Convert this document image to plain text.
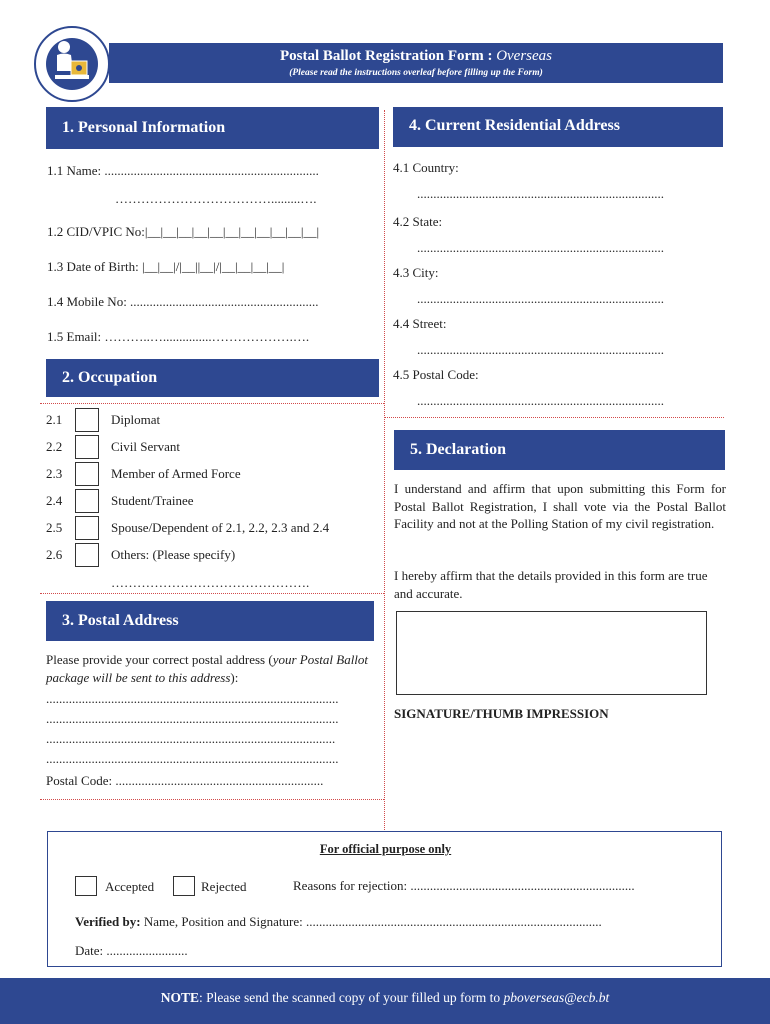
Postal Ballot Registration Form : Overseas
(Please read the instructions overleaf before filling up the Form)
1. Personal Information
1.1 Name: ..................................................................
……………………………….........….
1.2 CID/VPIC No:|__|__|__|__|__|__|__|__|__|__|__|
1.3 Date of Birth: |__|__|/|__||__|/|__|__|__|__|
1.4 Mobile No: ..........................................................
1.5 Email: ………..…...............……………….….
2. Occupation
2.1	Diplomat
2.2	Civil Servant
2.3	Member of Armed Force
2.4	Student/Trainee
2.5	Spouse/Dependent of 2.1, 2.2, 2.3 and 2.4
2.6	Others: (Please specify)
……………………………………….
3. Postal Address
Please provide your correct postal address (your Postal Ballot package will be sent to this address):
..........................................................................................
..........................................................................................
.........................................................................................
..........................................................................................
Postal Code: ................................................................
4. Current Residential Address
4.1 Country:
............................................................................
4.2 State:
............................................................................
4.3 City:
............................................................................
4.4 Street:
............................................................................
4.5 Postal Code:
............................................................................
5. Declaration
I understand and affirm that upon submitting this Form for Postal Ballot Registration, I shall vote via the Postal Ballot Facility and not at the Polling Station of my civil registration.
I hereby affirm that the details provided in this form are true and accurate.
SIGNATURE/THUMB IMPRESSION
For official purpose only
Accepted	Rejected	Reasons for rejection: .....................................................................
Verified by: Name, Position and Signature: ...........................................................................................
Date: .........................
NOTE: Please send the scanned copy of your filled up form to pboverseas@ecb.bt
